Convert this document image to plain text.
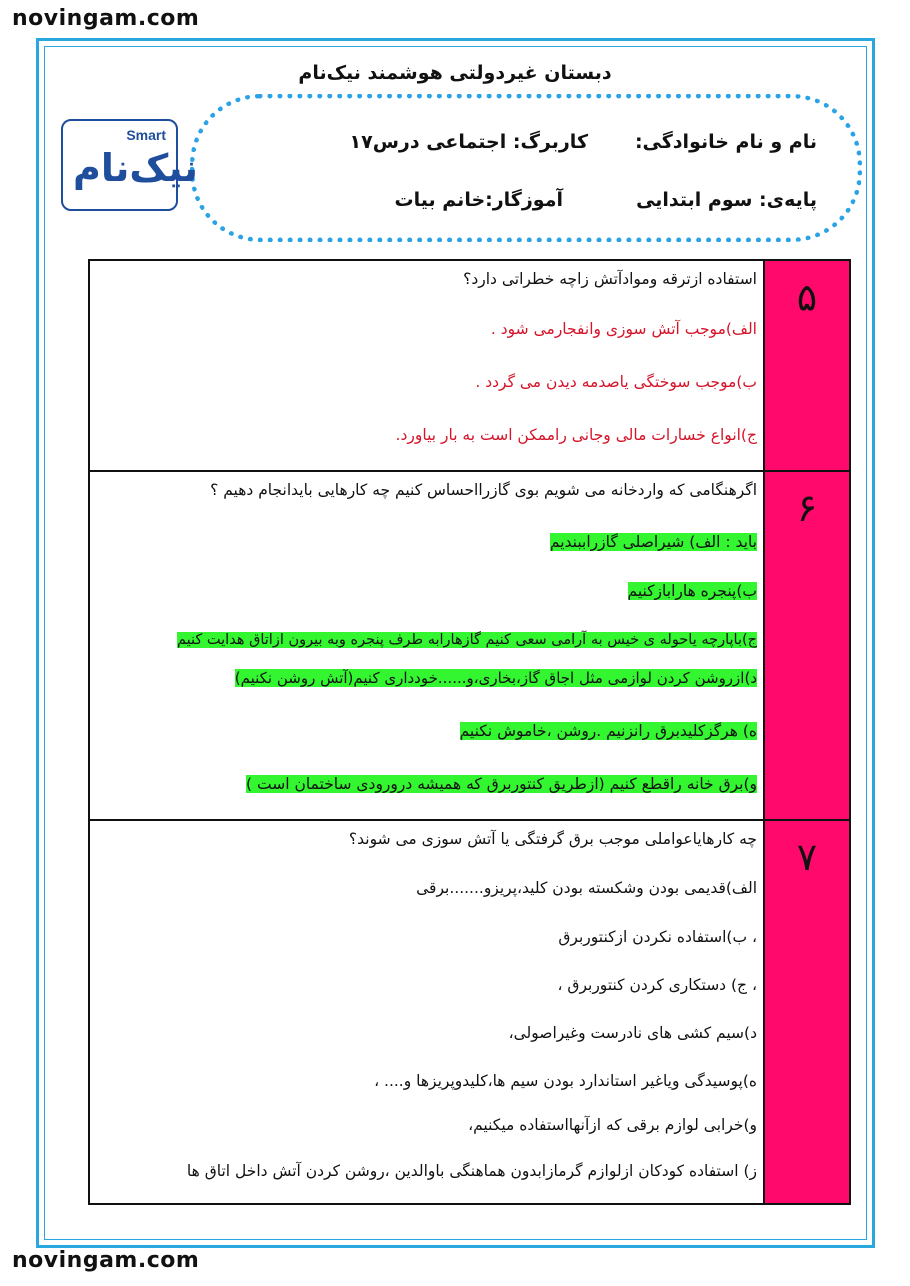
novingam.com
دبستان غیردولتی هوشمند نیک‌نام
نام و نام خانوادگی:
کاربرگ: اجتماعی درس۱۷
پایه‌ی: سوم ابتدایی
آموزگار:خانم بیات
Smart
نیک‌نام
۵
استفاده ازترقه وموادآتش زاچه خطراتی دارد؟
الف)موجب آتش سوزی وانفجارمی شود .
ب)موجب سوختگی یاصدمه دیدن می گردد .
ج)انواع خسارات مالی وجانی راممکن است به بار بیاورد.
۶
اگرهنگامی که واردخانه می شویم بوی گازرااحساس کنیم چه کارهایی بایدانجام دهیم ؟
باید : الف) شیراصلی گازراببندیم
ب)پنجره هارابازکنیم
ج)باپارچه یاحوله ی خیس به آرامی سعی کنیم گازهارابه طرف پنجره وبه بیرون ازاتاق هدایت کنیم
د)ازروشن کردن لوازمی مثل اجاق گاز،بخاری،و......خودداری کنیم(آتش روشن نکنیم)
ه) هرگزکلیدبرق رانزنیم .روشن ،خاموش نکنیم
و)برق خانه راقطع کنیم (ازطریق کنتوربرق که همیشه درورودی ساختمان است )
۷
چه کارهایاعواملی موجب برق گرفتگی یا آتش سوزی می شوند؟
الف)قدیمی بودن وشکسته بودن کلید،پریزو.......برقی
، ب)استفاده نکردن ازکنتوربرق
، ج) دستکاری کردن کنتوربرق ،
د)سیم کشی های نادرست وغیراصولی،
ه)پوسیدگی ویاغیر استاندارد بودن سیم ها،کلیدوپریزها و.... ،
و)خرابی لوازم برقی که ازآنهااستفاده میکنیم،
ز) استفاده کودکان ازلوازم گرمازابدون هماهنگی باوالدین ،روشن کردن آتش داخل اتاق ها
novingam.com
